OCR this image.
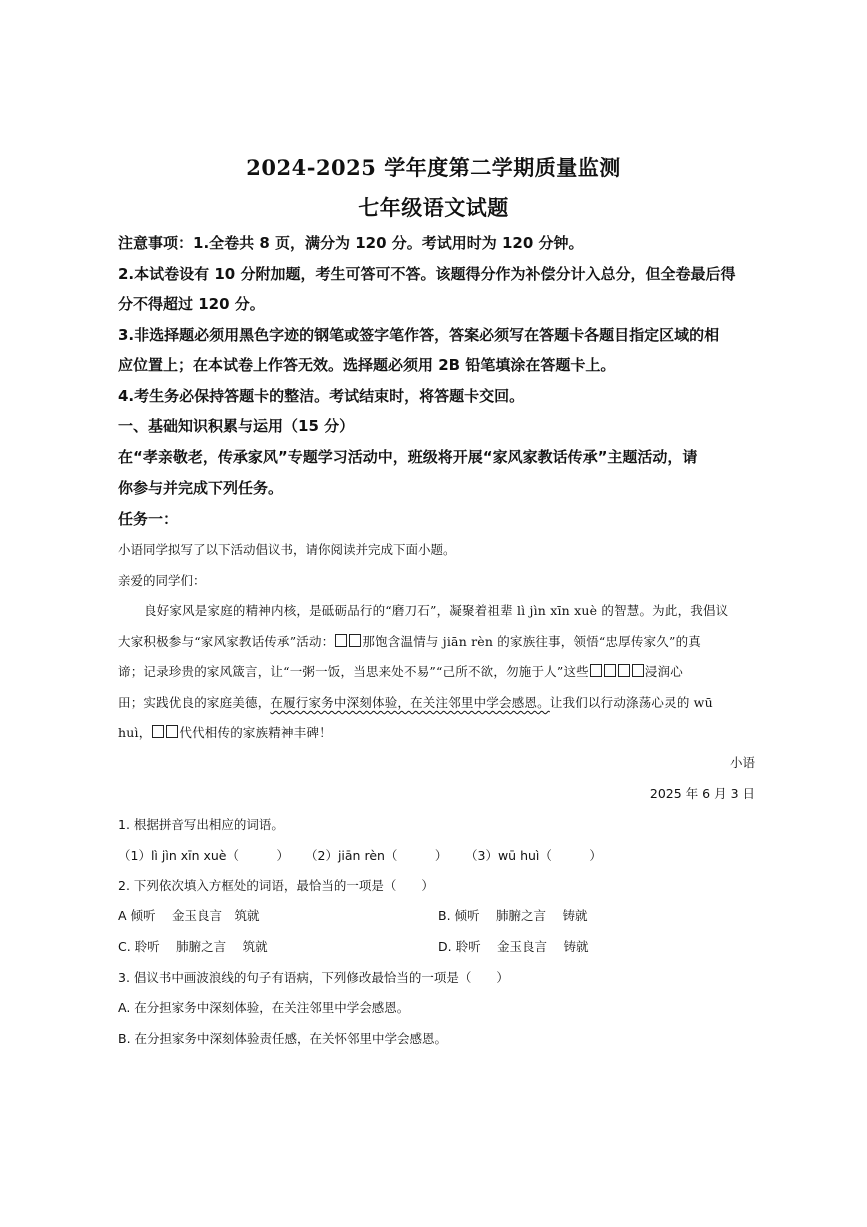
2024-2025 学年度第二学期质量监测
七年级语文试题
注意事项：1.全卷共 8 页，满分为 120 分。考试用时为 120 分钟。
2.本试卷设有 10 分附加题，考生可答可不答。该题得分作为补偿分计入总分，但全卷最后得
分不得超过 120 分。
3.非选择题必须用黑色字迹的钢笔或签字笔作答，答案必须写在答题卡各题目指定区域的相
应位置上；在本试卷上作答无效。选择题必须用 2B 铅笔填涂在答题卡上。
4.考生务必保持答题卡的整洁。考试结束时，将答题卡交回。
一、基础知识积累与运用（15 分）
在“孝亲敬老，传承家风”专题学习活动中，班级将开展“家风家教话传承”主题活动，请
你参与并完成下列任务。
任务一：
小语同学拟写了以下活动倡议书，请你阅读并完成下面小题。
亲爱的同学们：
良好家风是家庭的精神内核，是砥砺品行的“磨刀石”，凝聚着祖辈 lì jìn xīn xuè 的智慧。为此，我倡议
大家积极参与“家风家教话传承”活动： 那饱含温情与 jiān rèn 的家族往事，领悟“忠厚传家久”的真
谛；记录珍贵的家风箴言，让“一粥一饭，当思来处不易”“己所不欲，勿施于人”这些	浸润心
田；实践优良的家庭美德，在履行家务中深刻体验，在关注邻里中学会感恩。让我们以行动涤荡心灵的 wū
huì， 代代相传的家族精神丰碑！
小语
2025 年 6 月 3 日
1. 根据拼音写出相应的词语。
（1）lì jìn xīn xuè（　　　） （2）jiān rèn（　　　） （3）wū huì（　　　）
2. 下列依次填入方框处的词语，最恰当的一项是（　　）
A 倾听　 金玉良言　筑就	B. 倾听　 肺腑之言　 铸就
C. 聆听　 肺腑之言　 筑就	D. 聆听　 金玉良言　 铸就
3. 倡议书中画波浪线的句子有语病，下列修改最恰当的一项是（　　）
A. 在分担家务中深刻体验，在关注邻里中学会感恩。
B. 在分担家务中深刻体验责任感，在关怀邻里中学会感恩。
